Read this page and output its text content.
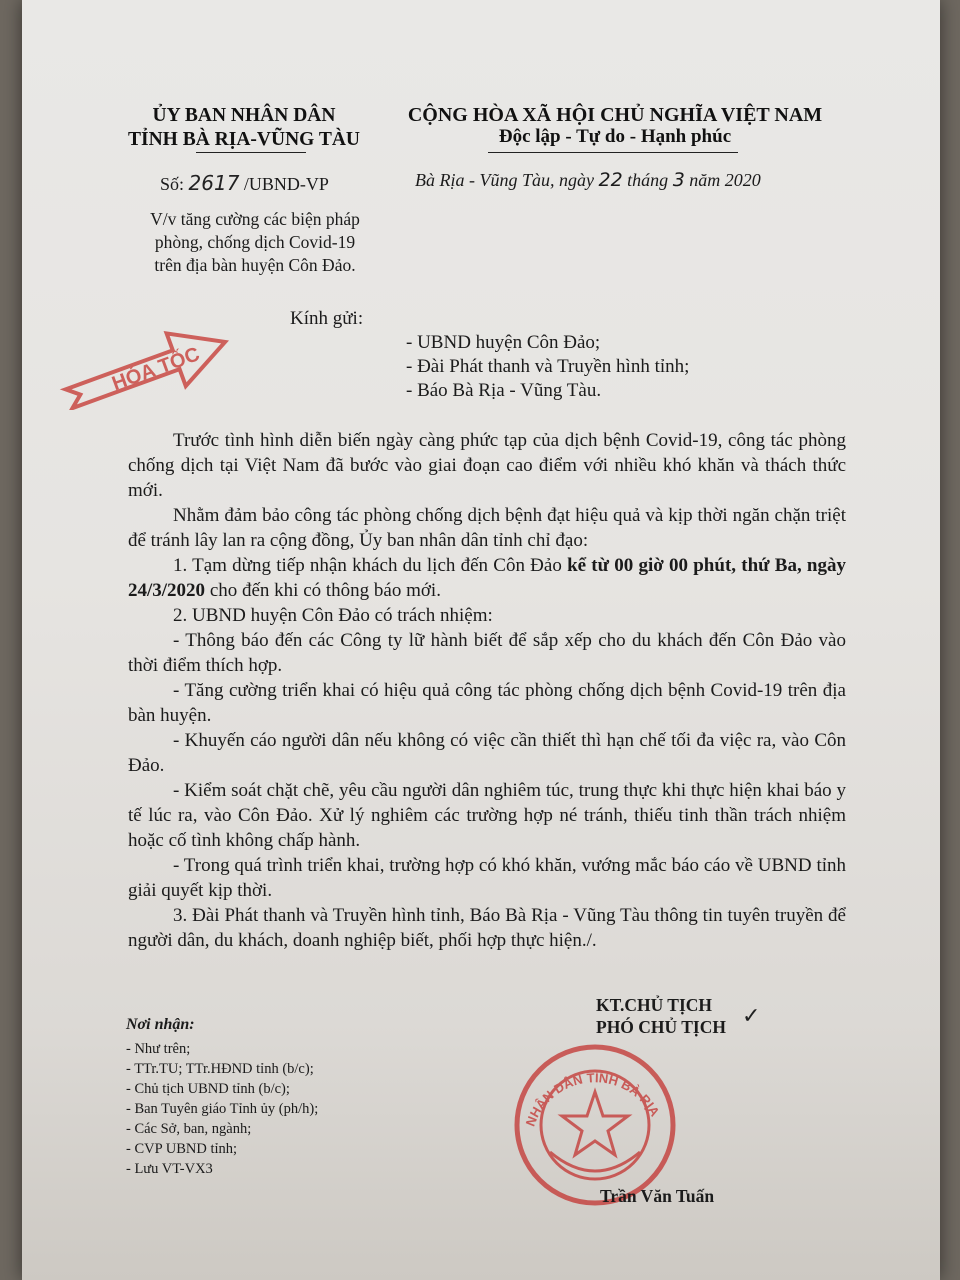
ỦY BAN NHÂN DÂN
TỈNH BÀ RỊA-VŨNG TÀU
CỘNG HÒA XÃ HỘI CHỦ NGHĨA VIỆT NAM
Độc lập - Tự do - Hạnh phúc
Số: 2617 /UBND-VP	Bà Rịa - Vũng Tàu, ngày 22 tháng 3 năm 2020
V/v tăng cường các biện pháp
phòng, chống dịch Covid-19
trên địa bàn huyện Côn Đảo.
HỎA TỐC
Kính gửi:
- UBND huyện Côn Đảo;
- Đài Phát thanh và Truyền hình tỉnh;
- Báo Bà Rịa - Vũng Tàu.
Trước tình hình diễn biến ngày càng phức tạp của dịch bệnh Covid-19, công tác phòng chống dịch tại Việt Nam đã bước vào giai đoạn cao điểm với nhiều khó khăn và thách thức mới.
Nhằm đảm bảo công tác phòng chống dịch bệnh đạt hiệu quả và kịp thời ngăn chặn triệt để tránh lây lan ra cộng đồng, Ủy ban nhân dân tỉnh chỉ đạo:
1. Tạm dừng tiếp nhận khách du lịch đến Côn Đảo kể từ 00 giờ 00 phút, thứ Ba, ngày 24/3/2020 cho đến khi có thông báo mới.
2. UBND huyện Côn Đảo có trách nhiệm:
- Thông báo đến các Công ty lữ hành biết để sắp xếp cho du khách đến Côn Đảo vào thời điểm thích hợp.
- Tăng cường triển khai có hiệu quả công tác phòng chống dịch bệnh Covid-19 trên địa bàn huyện.
- Khuyến cáo người dân nếu không có việc cần thiết thì hạn chế tối đa việc ra, vào Côn Đảo.
- Kiểm soát chặt chẽ, yêu cầu người dân nghiêm túc, trung thực khi thực hiện khai báo y tế lúc ra, vào Côn Đảo. Xử lý nghiêm các trường hợp né tránh, thiếu tinh thần trách nhiệm hoặc cố tình không chấp hành.
- Trong quá trình triển khai, trường hợp có khó khăn, vướng mắc báo cáo về UBND tỉnh giải quyết kịp thời.
3. Đài Phát thanh và Truyền hình tỉnh, Báo Bà Rịa - Vũng Tàu thông tin tuyên truyền để người dân, du khách, doanh nghiệp biết, phối hợp thực hiện./.
KT.CHỦ TỊCH
PHÓ CHỦ TỊCH ✓
NHÂN DÂN TỈNH BÀ RỊA
Trần Văn Tuấn
Nơi nhận:
- Như trên;
- TTr.TU; TTr.HĐND tỉnh (b/c);
- Chủ tịch UBND tỉnh (b/c);
- Ban Tuyên giáo Tỉnh ủy (ph/h);
- Các Sở, ban, ngành;
- CVP UBND tỉnh;
- Lưu VT-VX3
